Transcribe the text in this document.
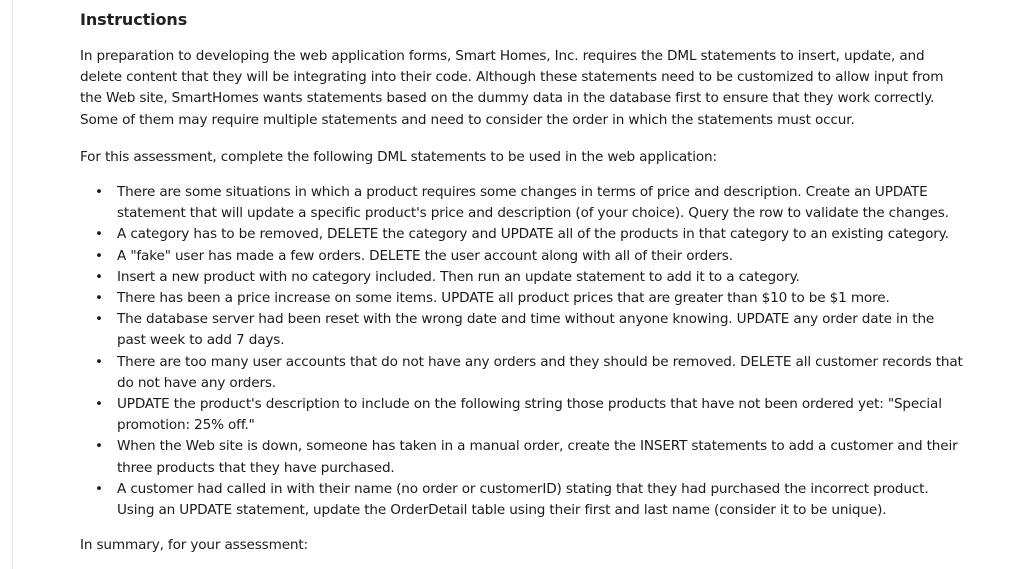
Instructions

In preparation to developing the web application forms, Smart Homes, Inc. requires the DML statements to insert, update, and
delete content that they will be integrating into their code. Although these statements need to be customized to allow input from
the Web site, SmartHomes wants statements based on the dummy data in the database first to ensure that they work correctly.
Some of them may require multiple statements and need to consider the order in which the statements must occur.

For this assessment, complete the following DML statements to be used in the web application:

• There are some situations in which a product requires some changes in terms of price and description. Create an UPDATE
statement that will update a specific product's price and description (of your choice). Query the row to validate the changes.
• A category has to be removed, DELETE the category and UPDATE all of the products in that category to an existing category.
• A "fake" user has made a few orders. DELETE the user account along with all of their orders.
• Insert a new product with no category included. Then run an update statement to add it to a category.
• There has been a price increase on some items. UPDATE all product prices that are greater than $10 to be $1 more.
• The database server had been reset with the wrong date and time without anyone knowing. UPDATE any order date in the
past week to add 7 days.
• There are too many user accounts that do not have any orders and they should be removed. DELETE all customer records that
do not have any orders.
• UPDATE the product's description to include on the following string those products that have not been ordered yet: "Special
promotion: 25% off."
• When the Web site is down, someone has taken in a manual order, create the INSERT statements to add a customer and their
three products that they have purchased.
• A customer had called in with their name (no order or customerID) stating that they had purchased the incorrect product.
Using an UPDATE statement, update the OrderDetail table using their first and last name (consider it to be unique).

In summary, for your assessment:
